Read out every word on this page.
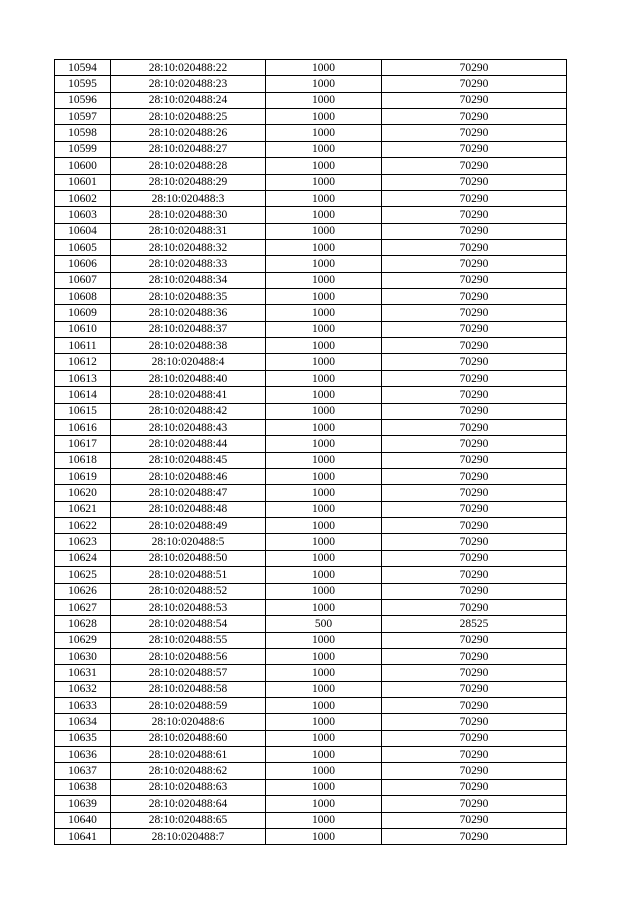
10594	28:10:020488:22	1000	70290
10595	28:10:020488:23	1000	70290
10596	28:10:020488:24	1000	70290
10597	28:10:020488:25	1000	70290
10598	28:10:020488:26	1000	70290
10599	28:10:020488:27	1000	70290
10600	28:10:020488:28	1000	70290
10601	28:10:020488:29	1000	70290
10602	28:10:020488:3	1000	70290
10603	28:10:020488:30	1000	70290
10604	28:10:020488:31	1000	70290
10605	28:10:020488:32	1000	70290
10606	28:10:020488:33	1000	70290
10607	28:10:020488:34	1000	70290
10608	28:10:020488:35	1000	70290
10609	28:10:020488:36	1000	70290
10610	28:10:020488:37	1000	70290
10611	28:10:020488:38	1000	70290
10612	28:10:020488:4	1000	70290
10613	28:10:020488:40	1000	70290
10614	28:10:020488:41	1000	70290
10615	28:10:020488:42	1000	70290
10616	28:10:020488:43	1000	70290
10617	28:10:020488:44	1000	70290
10618	28:10:020488:45	1000	70290
10619	28:10:020488:46	1000	70290
10620	28:10:020488:47	1000	70290
10621	28:10:020488:48	1000	70290
10622	28:10:020488:49	1000	70290
10623	28:10:020488:5	1000	70290
10624	28:10:020488:50	1000	70290
10625	28:10:020488:51	1000	70290
10626	28:10:020488:52	1000	70290
10627	28:10:020488:53	1000	70290
10628	28:10:020488:54	500	28525
10629	28:10:020488:55	1000	70290
10630	28:10:020488:56	1000	70290
10631	28:10:020488:57	1000	70290
10632	28:10:020488:58	1000	70290
10633	28:10:020488:59	1000	70290
10634	28:10:020488:6	1000	70290
10635	28:10:020488:60	1000	70290
10636	28:10:020488:61	1000	70290
10637	28:10:020488:62	1000	70290
10638	28:10:020488:63	1000	70290
10639	28:10:020488:64	1000	70290
10640	28:10:020488:65	1000	70290
10641	28:10:020488:7	1000	70290
